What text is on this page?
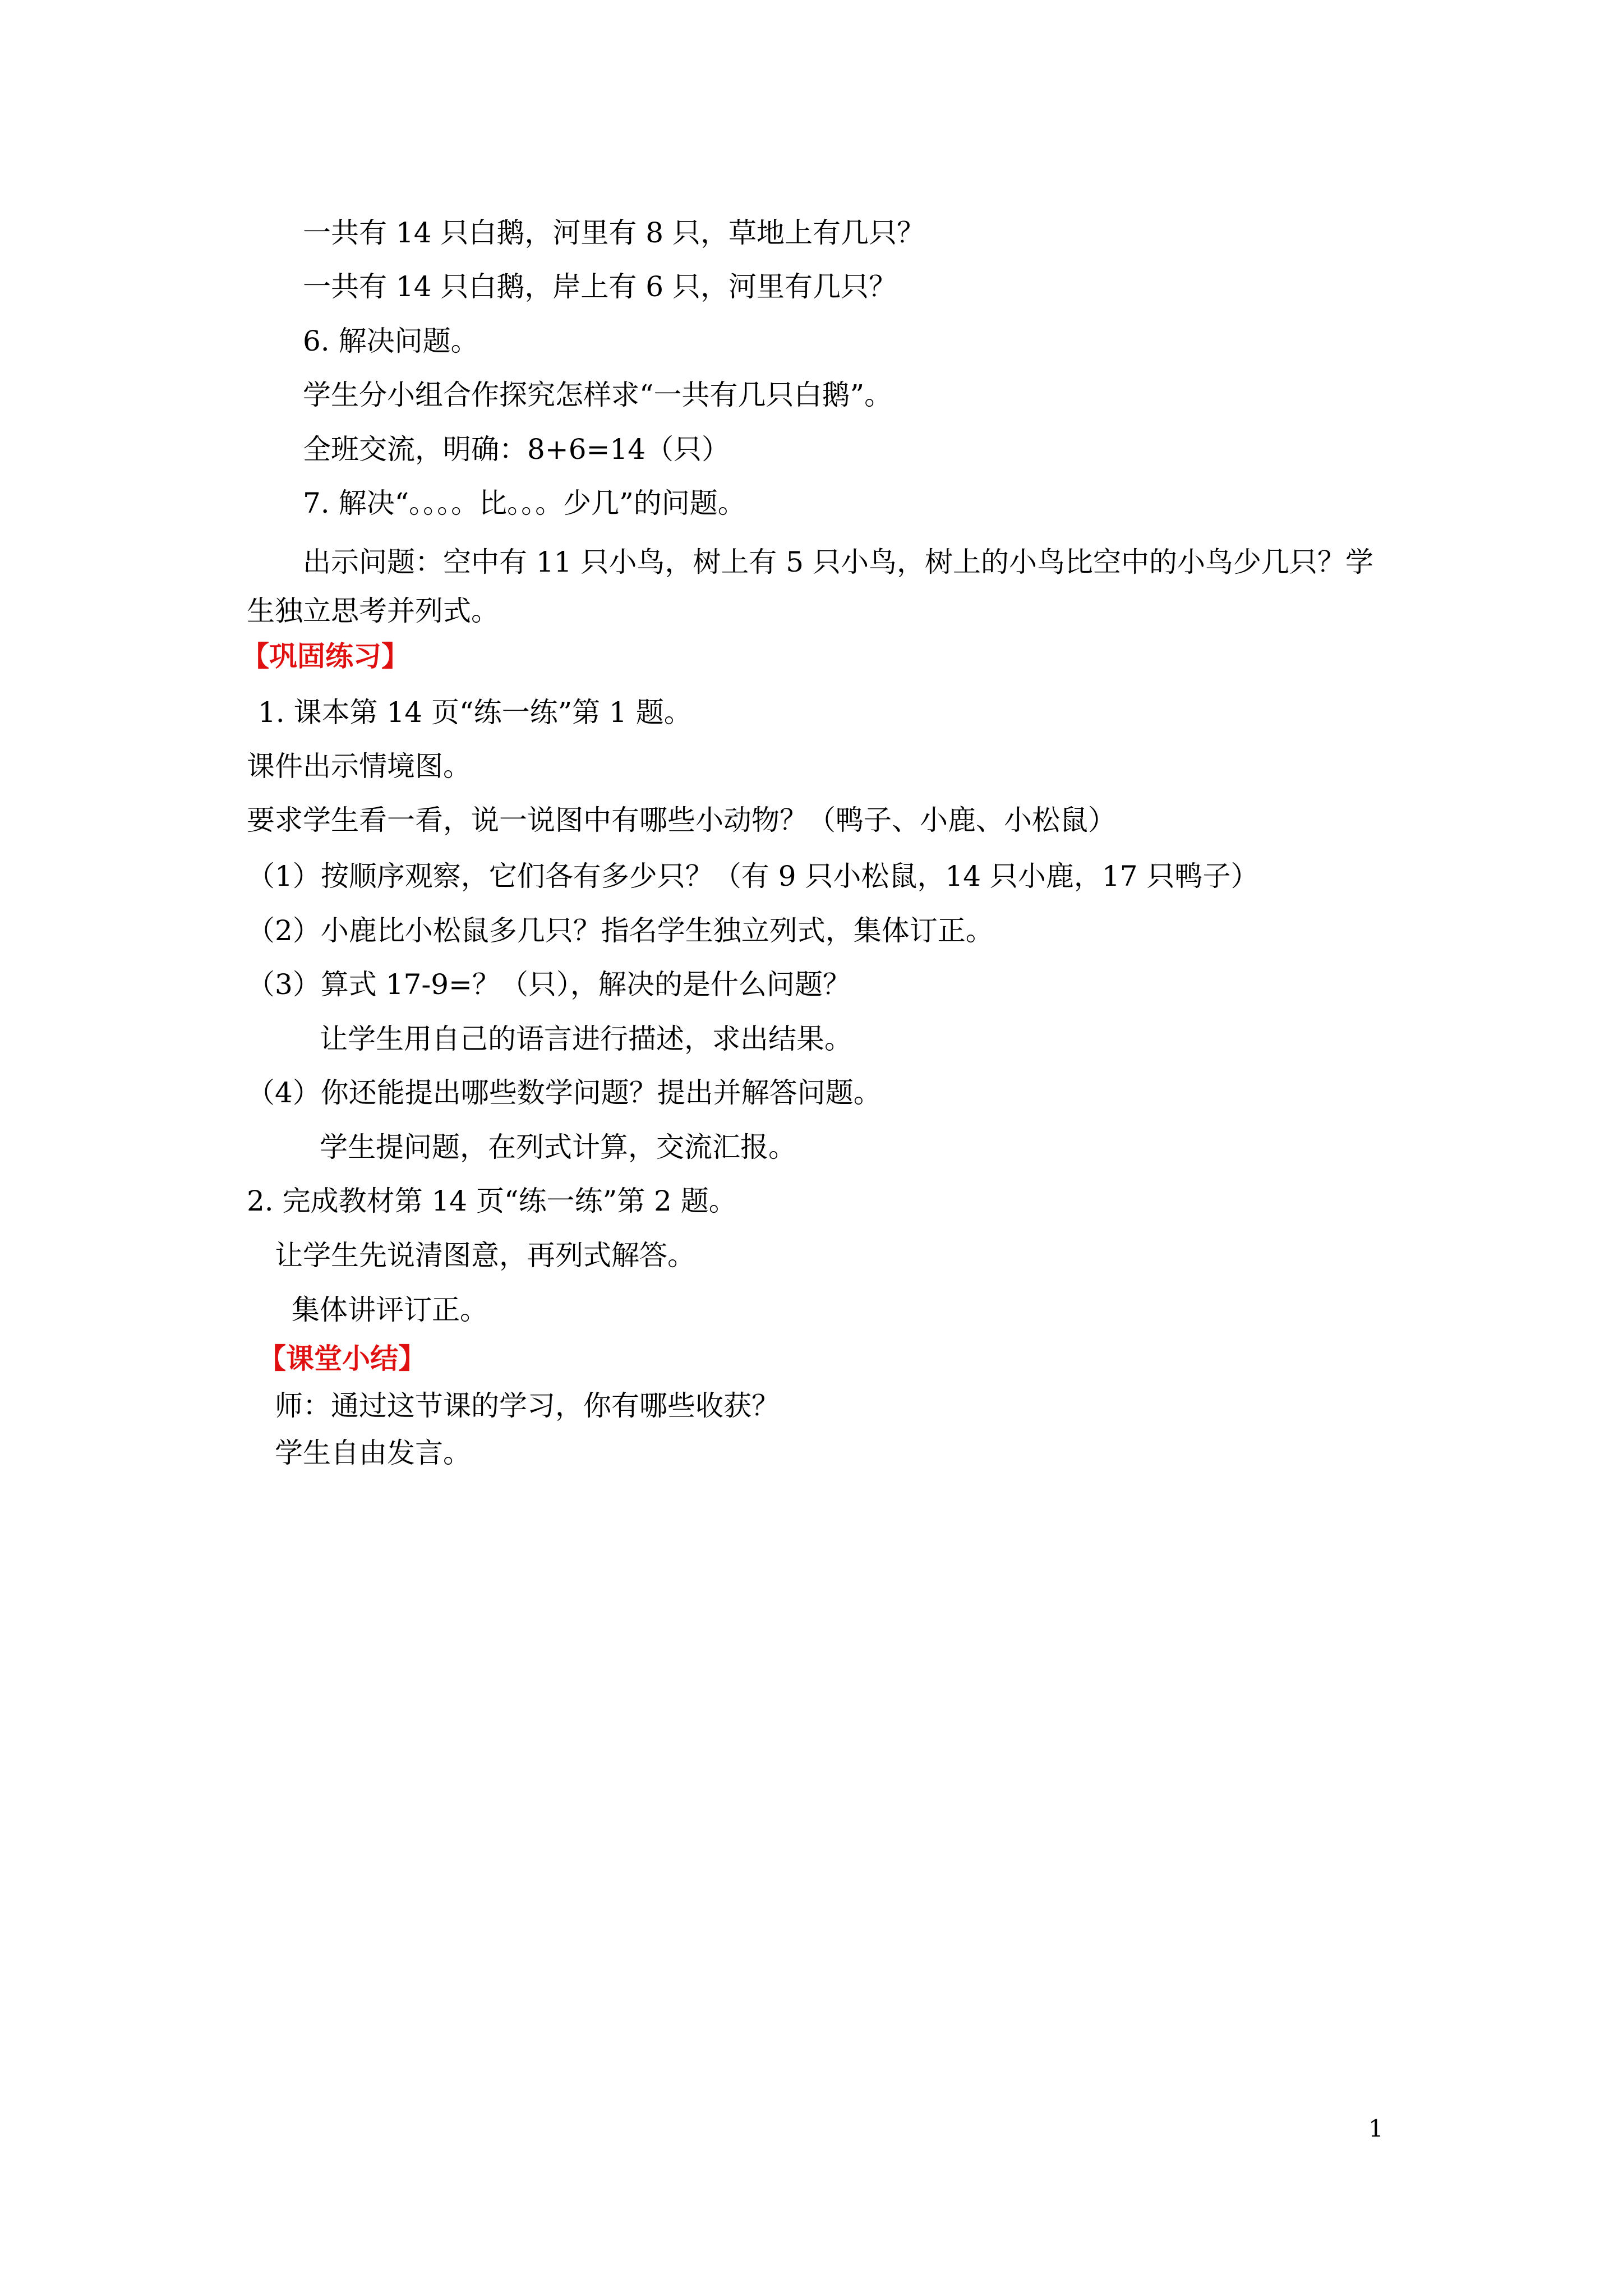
一共有 14 只白鹅，河里有 8 只，草地上有几只？
一共有 14 只白鹅，岸上有 6 只，河里有几只？
6. 解决问题。
学生分小组合作探究怎样求“一共有几只白鹅”。
全班交流，明确：8+6=14（只）
7. 解决“。。。。比。。。少几”的问题。
出示问题：空中有 11 只小鸟，树上有 5 只小鸟，树上的小鸟比空中的小鸟少几只？学
生独立思考并列式。
【巩固练习】
1. 课本第 14 页“练一练”第 1 题。
课件出示情境图。
要求学生看一看，说一说图中有哪些小动物？（鸭子、小鹿、小松鼠）
（1）按顺序观察，它们各有多少只？（有 9 只小松鼠，14 只小鹿，17 只鸭子）
（2）小鹿比小松鼠多几只？指名学生独立列式，集体订正。
（3）算式 17-9=？（只），解决的是什么问题？
让学生用自己的语言进行描述，求出结果。
（4）你还能提出哪些数学问题？提出并解答问题。
学生提问题，在列式计算，交流汇报。
2. 完成教材第 14 页“练一练”第 2 题。
让学生先说清图意，再列式解答。
集体讲评订正。
【课堂小结】
师：通过这节课的学习，你有哪些收获？
学生自由发言。
1
